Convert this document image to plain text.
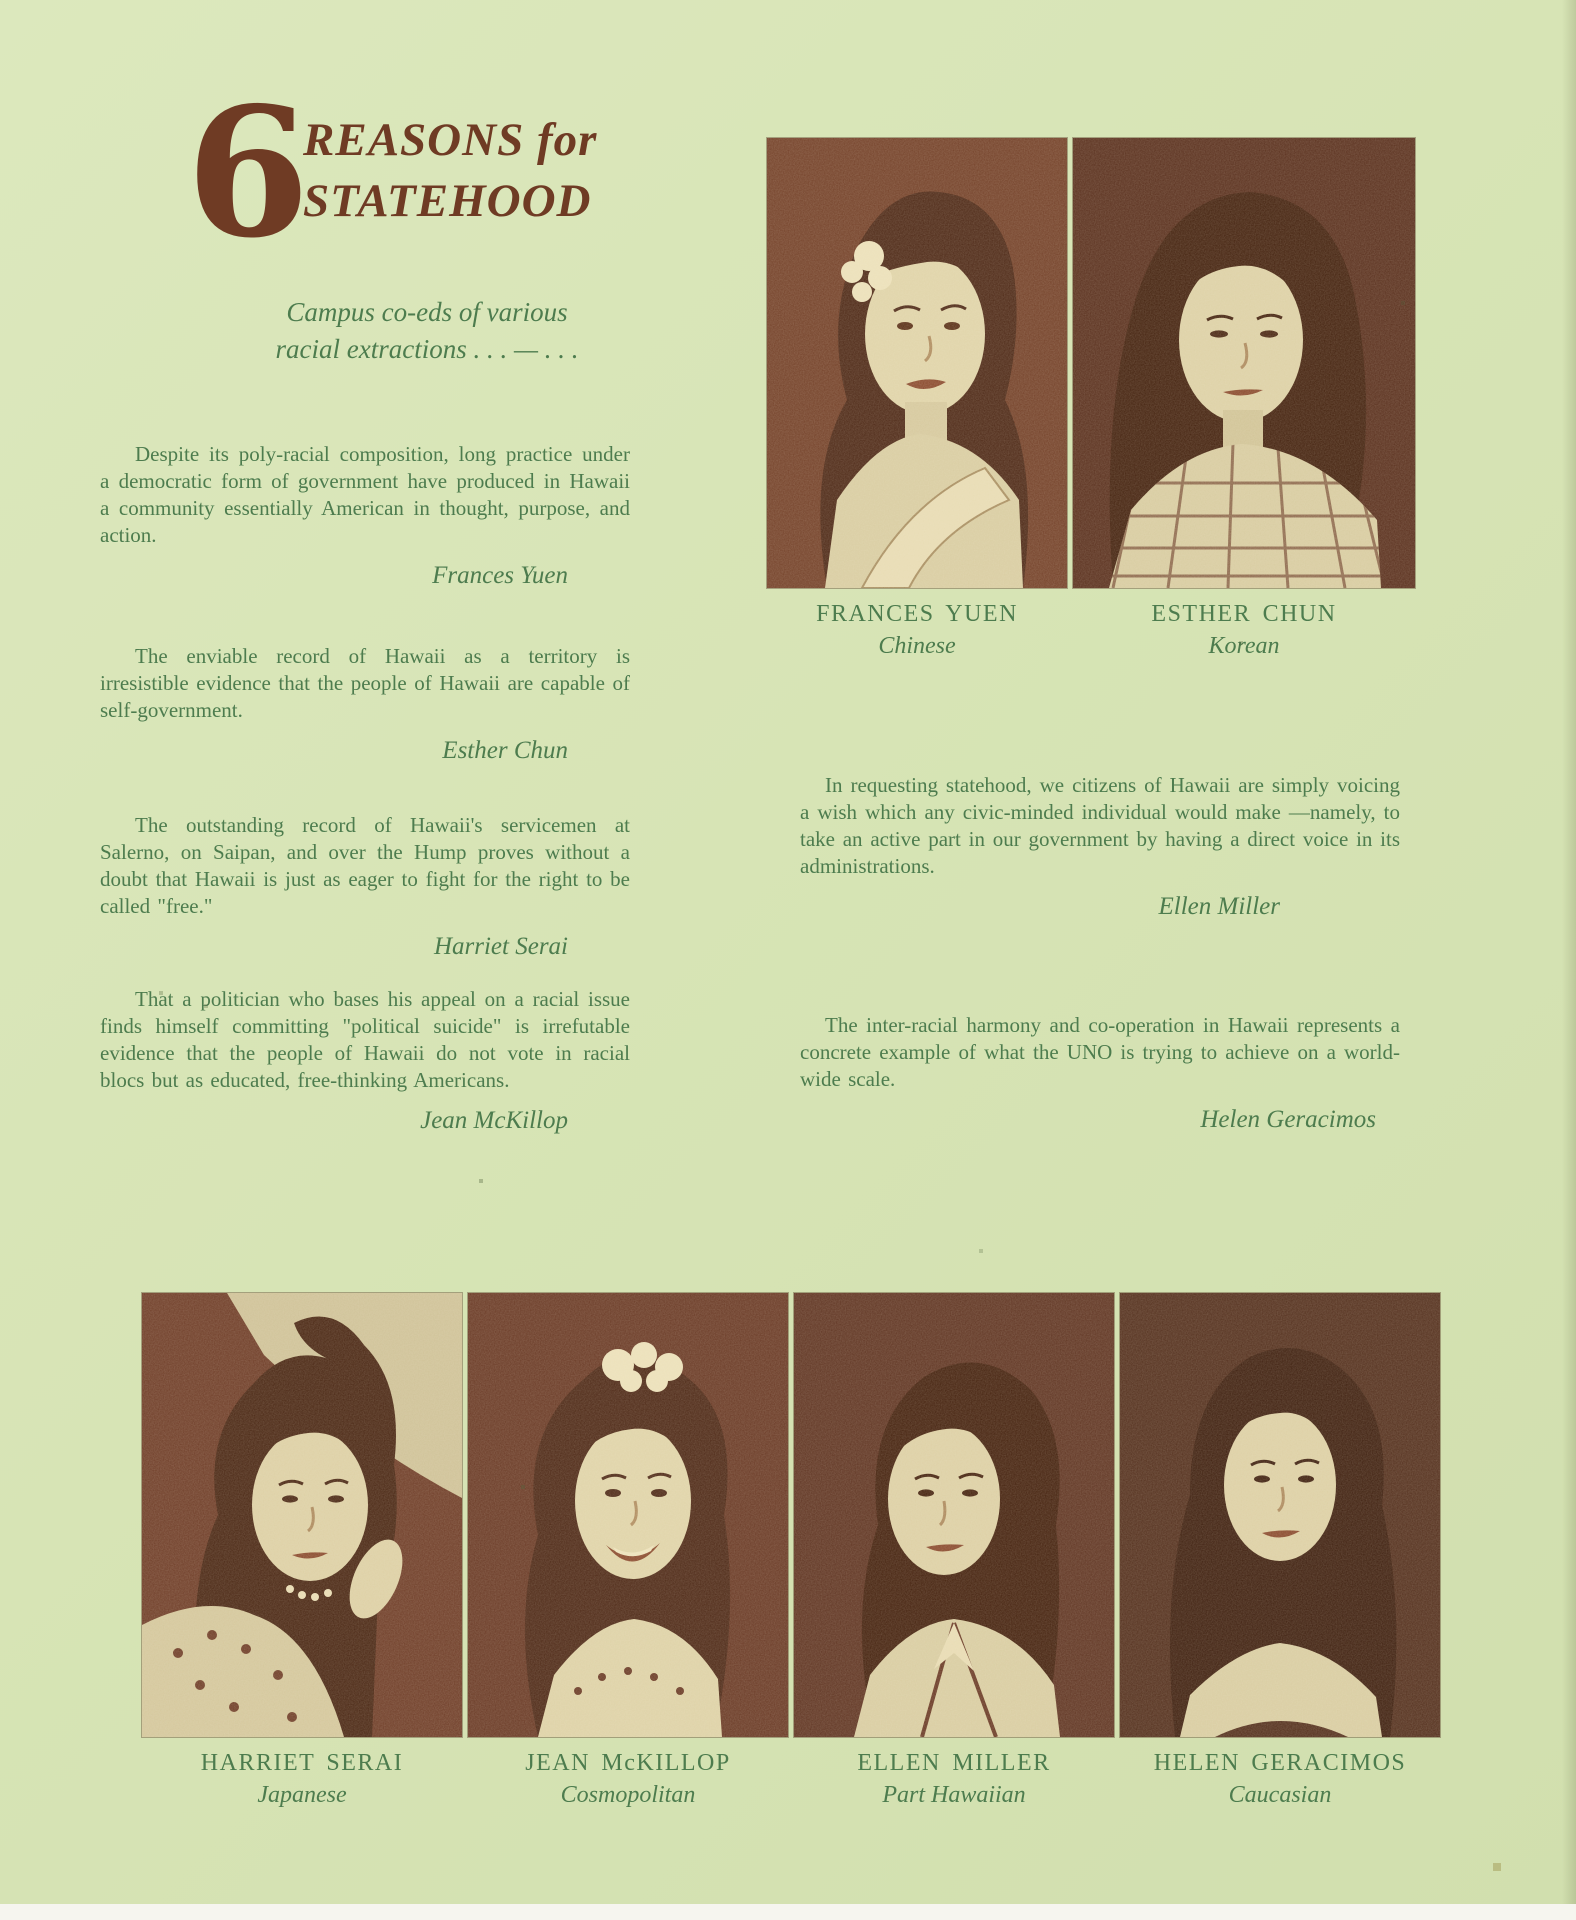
6
REASONS for
STATEHOOD
Campus co-eds of various
racial extractions . . . — . . .

Despite its poly-racial composition, long practice under a democratic form of government have produced in Hawaii a community essentially American in thought, purpose, and action.

Frances Yuen

The enviable record of Hawaii as a territory is irresistible evidence that the people of Hawaii are capable of self-government.

Esther Chun

The outstanding record of Hawaii's servicemen at Salerno, on Saipan, and over the Hump proves without a doubt that Hawaii is just as eager to fight for the right to be called "free."

Harriet Serai

That a politician who bases his appeal on a racial issue finds himself committing "political suicide" is irrefutable evidence that the people of Hawaii do not vote in racial blocs but as educated, free-thinking Americans.

Jean McKillop

In requesting statehood, we citizens of Hawaii are simply voicing a wish which any civic-minded individual would make —namely, to take an active part in our government by having a direct voice in its administrations.

Ellen Miller

The inter-racial harmony and co-operation in Hawaii represents a concrete example of what the UNO is trying to achieve on a world-wide scale.

Helen Geracimos
FRANCES YUEN
Chinese
ESTHER CHUN
Korean
HARRIET SERAI
Japanese
JEAN McKILLOP
Cosmopolitan
ELLEN MILLER
Part Hawaiian
HELEN GERACIMOS
Caucasian
